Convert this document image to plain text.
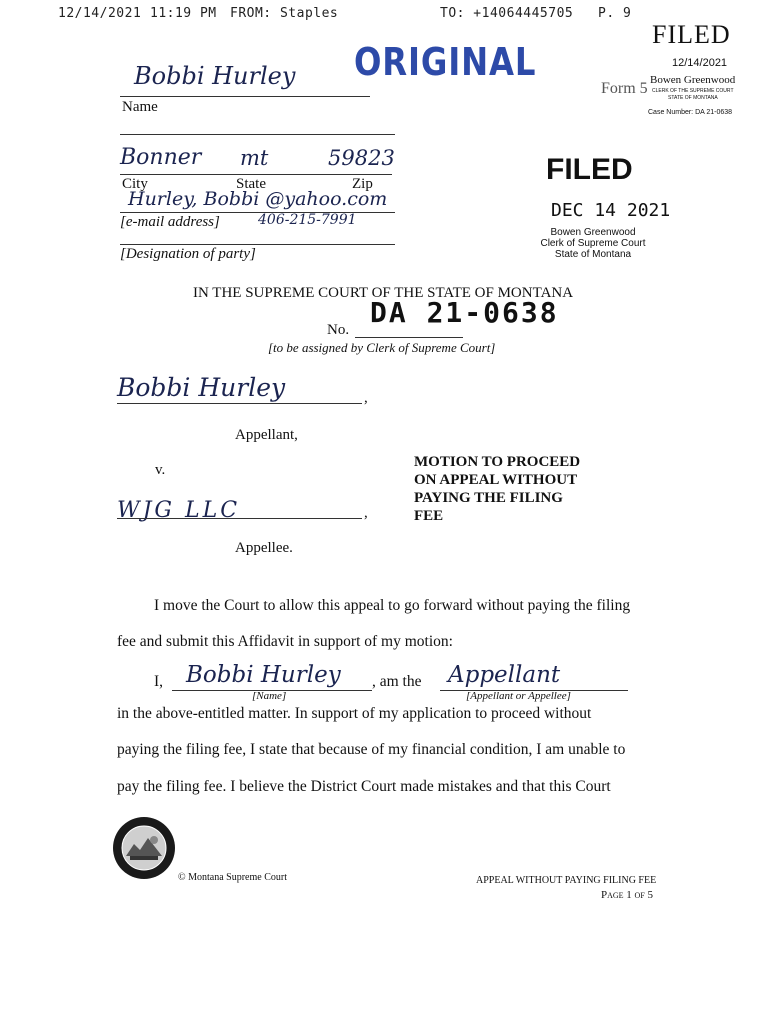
12/14/2021 11:19 PM FROM: Staples	TO: +14064445705 P. 9
FILED
12/14/2021
Bowen Greenwood
CLERK OF THE SUPREME COURT
STATE OF MONTANA
Case Number: DA 21-0638
Form 5
ORIGINAL
Bobbi Hurley
Name
Bonner mt	59823
City	State	Zip
Hurley, Bobbi @yahoo.com
406-215-7991
[e-mail address]
[Designation of party]
FILED
DEC 14 2021
Bowen Greenwood
Clerk of Supreme Court
State of Montana
IN THE SUPREME COURT OF THE STATE OF MONTANA
DA 21-0638
No.
[to be assigned by Clerk of Supreme Court]
Bobbi Hurley	,
Appellant,
v.
WJG LLC	,
Appellee.
MOTION TO PROCEED
ON APPEAL WITHOUT
PAYING THE FILING
FEE
I move the Court to allow this appeal to go forward without paying the filing
fee and submit this Affidavit in support of my motion:
I, Bobbi Hurley , am the Appellant
[Name]	[Appellant or Appellee]
in the above-entitled matter. In support of my application to proceed without
paying the filing fee, I state that because of my financial condition, I am unable to
pay the filing fee. I believe the District Court made mistakes and that this Court
© Montana Supreme Court	APPEAL WITHOUT PAYING FILING FEE
Page 1 of 5
